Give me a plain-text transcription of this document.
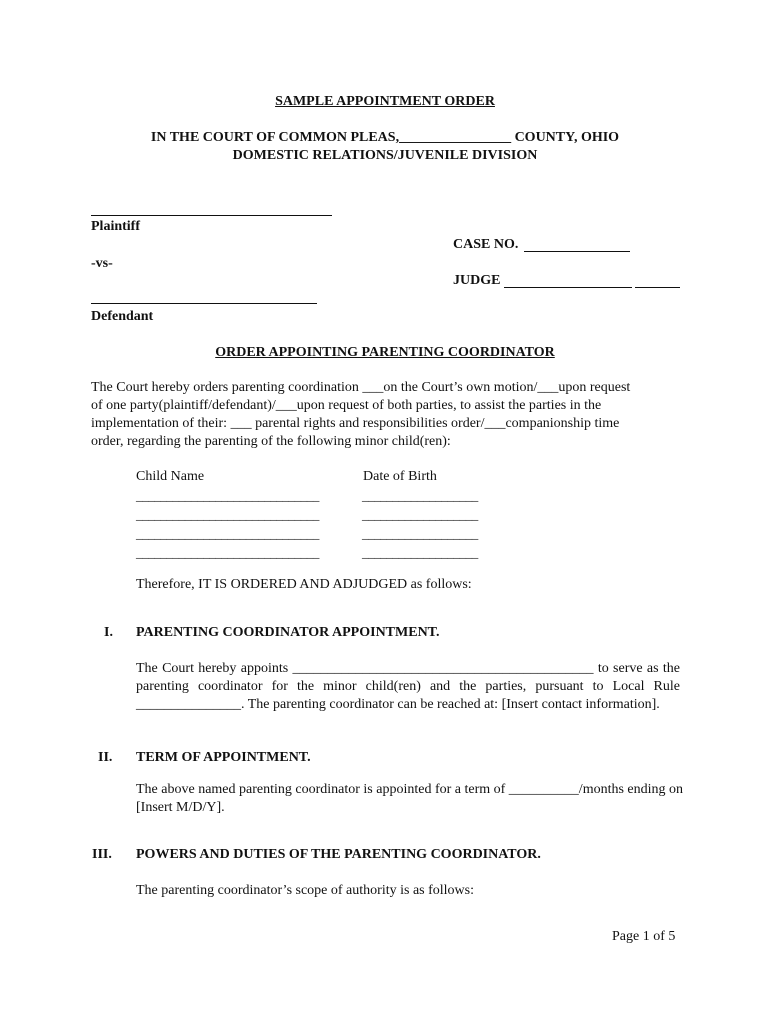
SAMPLE APPOINTMENT ORDER
IN THE COURT OF COMMON PLEAS,________________ COUNTY, OHIO
DOMESTIC RELATIONS/JUVENILE DIVISION
Plaintiff
CASE NO.
-vs-
JUDGE
Defendant
ORDER APPOINTING PARENTING COORDINATOR
The Court hereby orders parenting coordination ___on the Court’s own motion/___upon request
of one party(plaintiff/defendant)/___upon request of both parties, to assist the parties in the
implementation of their: ___ parental rights and responsibilities order/___companionship time
order, regarding the parenting of the following minor child(ren):
Child Name	Date of Birth
______________________________	___________________
______________________________	___________________
______________________________	___________________
______________________________	___________________
Therefore, IT IS ORDERED AND ADJUDGED as follows:
I. PARENTING COORDINATOR APPOINTMENT.
The Court hereby appoints ___________________________________________ to serve as the parenting coordinator for the minor child(ren) and the parties, pursuant to Local Rule _______________. The parenting coordinator can be reached at: [Insert contact information].
II. TERM OF APPOINTMENT.
The above named parenting coordinator is appointed for a term of __________/months ending on [Insert M/D/Y].
III. POWERS AND DUTIES OF THE PARENTING COORDINATOR.
The parenting coordinator’s scope of authority is as follows:
Page 1 of 5
